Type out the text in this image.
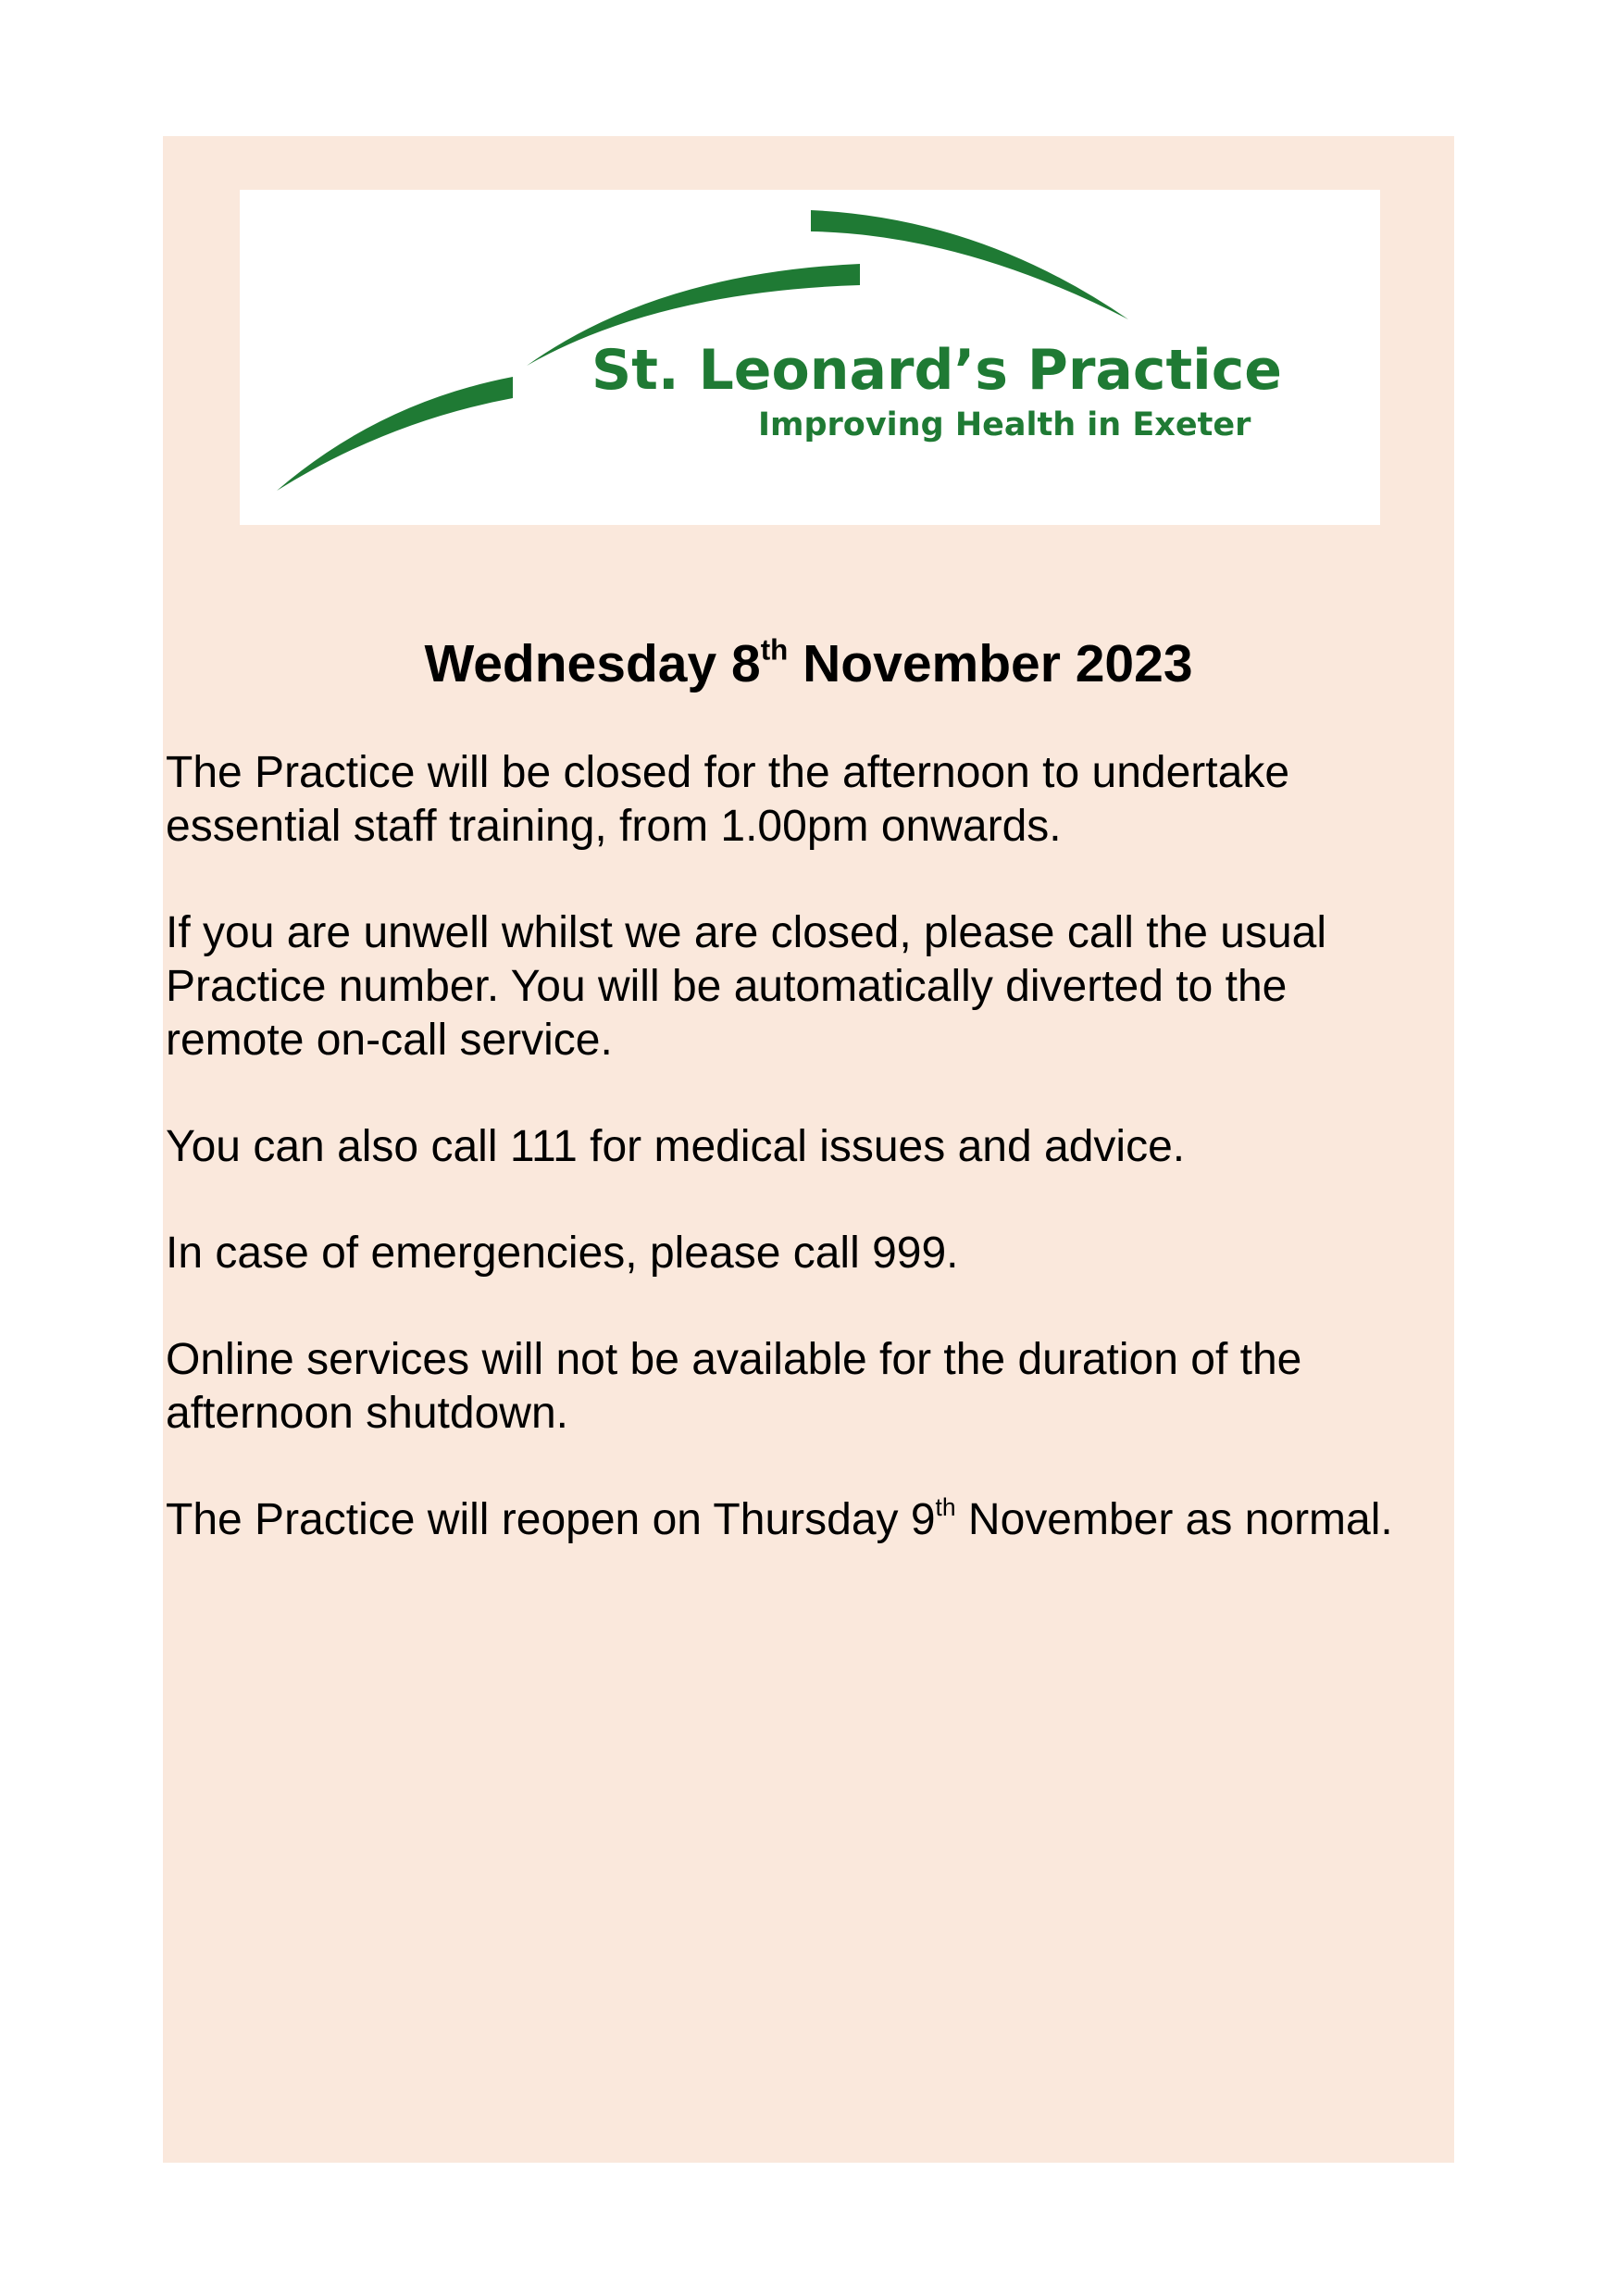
St. Leonard’s Practice
Improving Health in Exeter
Wednesday 8th November 2023

The Practice will be closed for the afternoon to undertake
essential staff training, from 1.00pm onwards.

If you are unwell whilst we are closed, please call the usual
Practice number. You will be automatically diverted to the
remote on-call service.

You can also call 111 for medical issues and advice.

In case of emergencies, please call 999.

Online services will not be available for the duration of the
afternoon shutdown.

The Practice will reopen on Thursday 9th November as normal.
